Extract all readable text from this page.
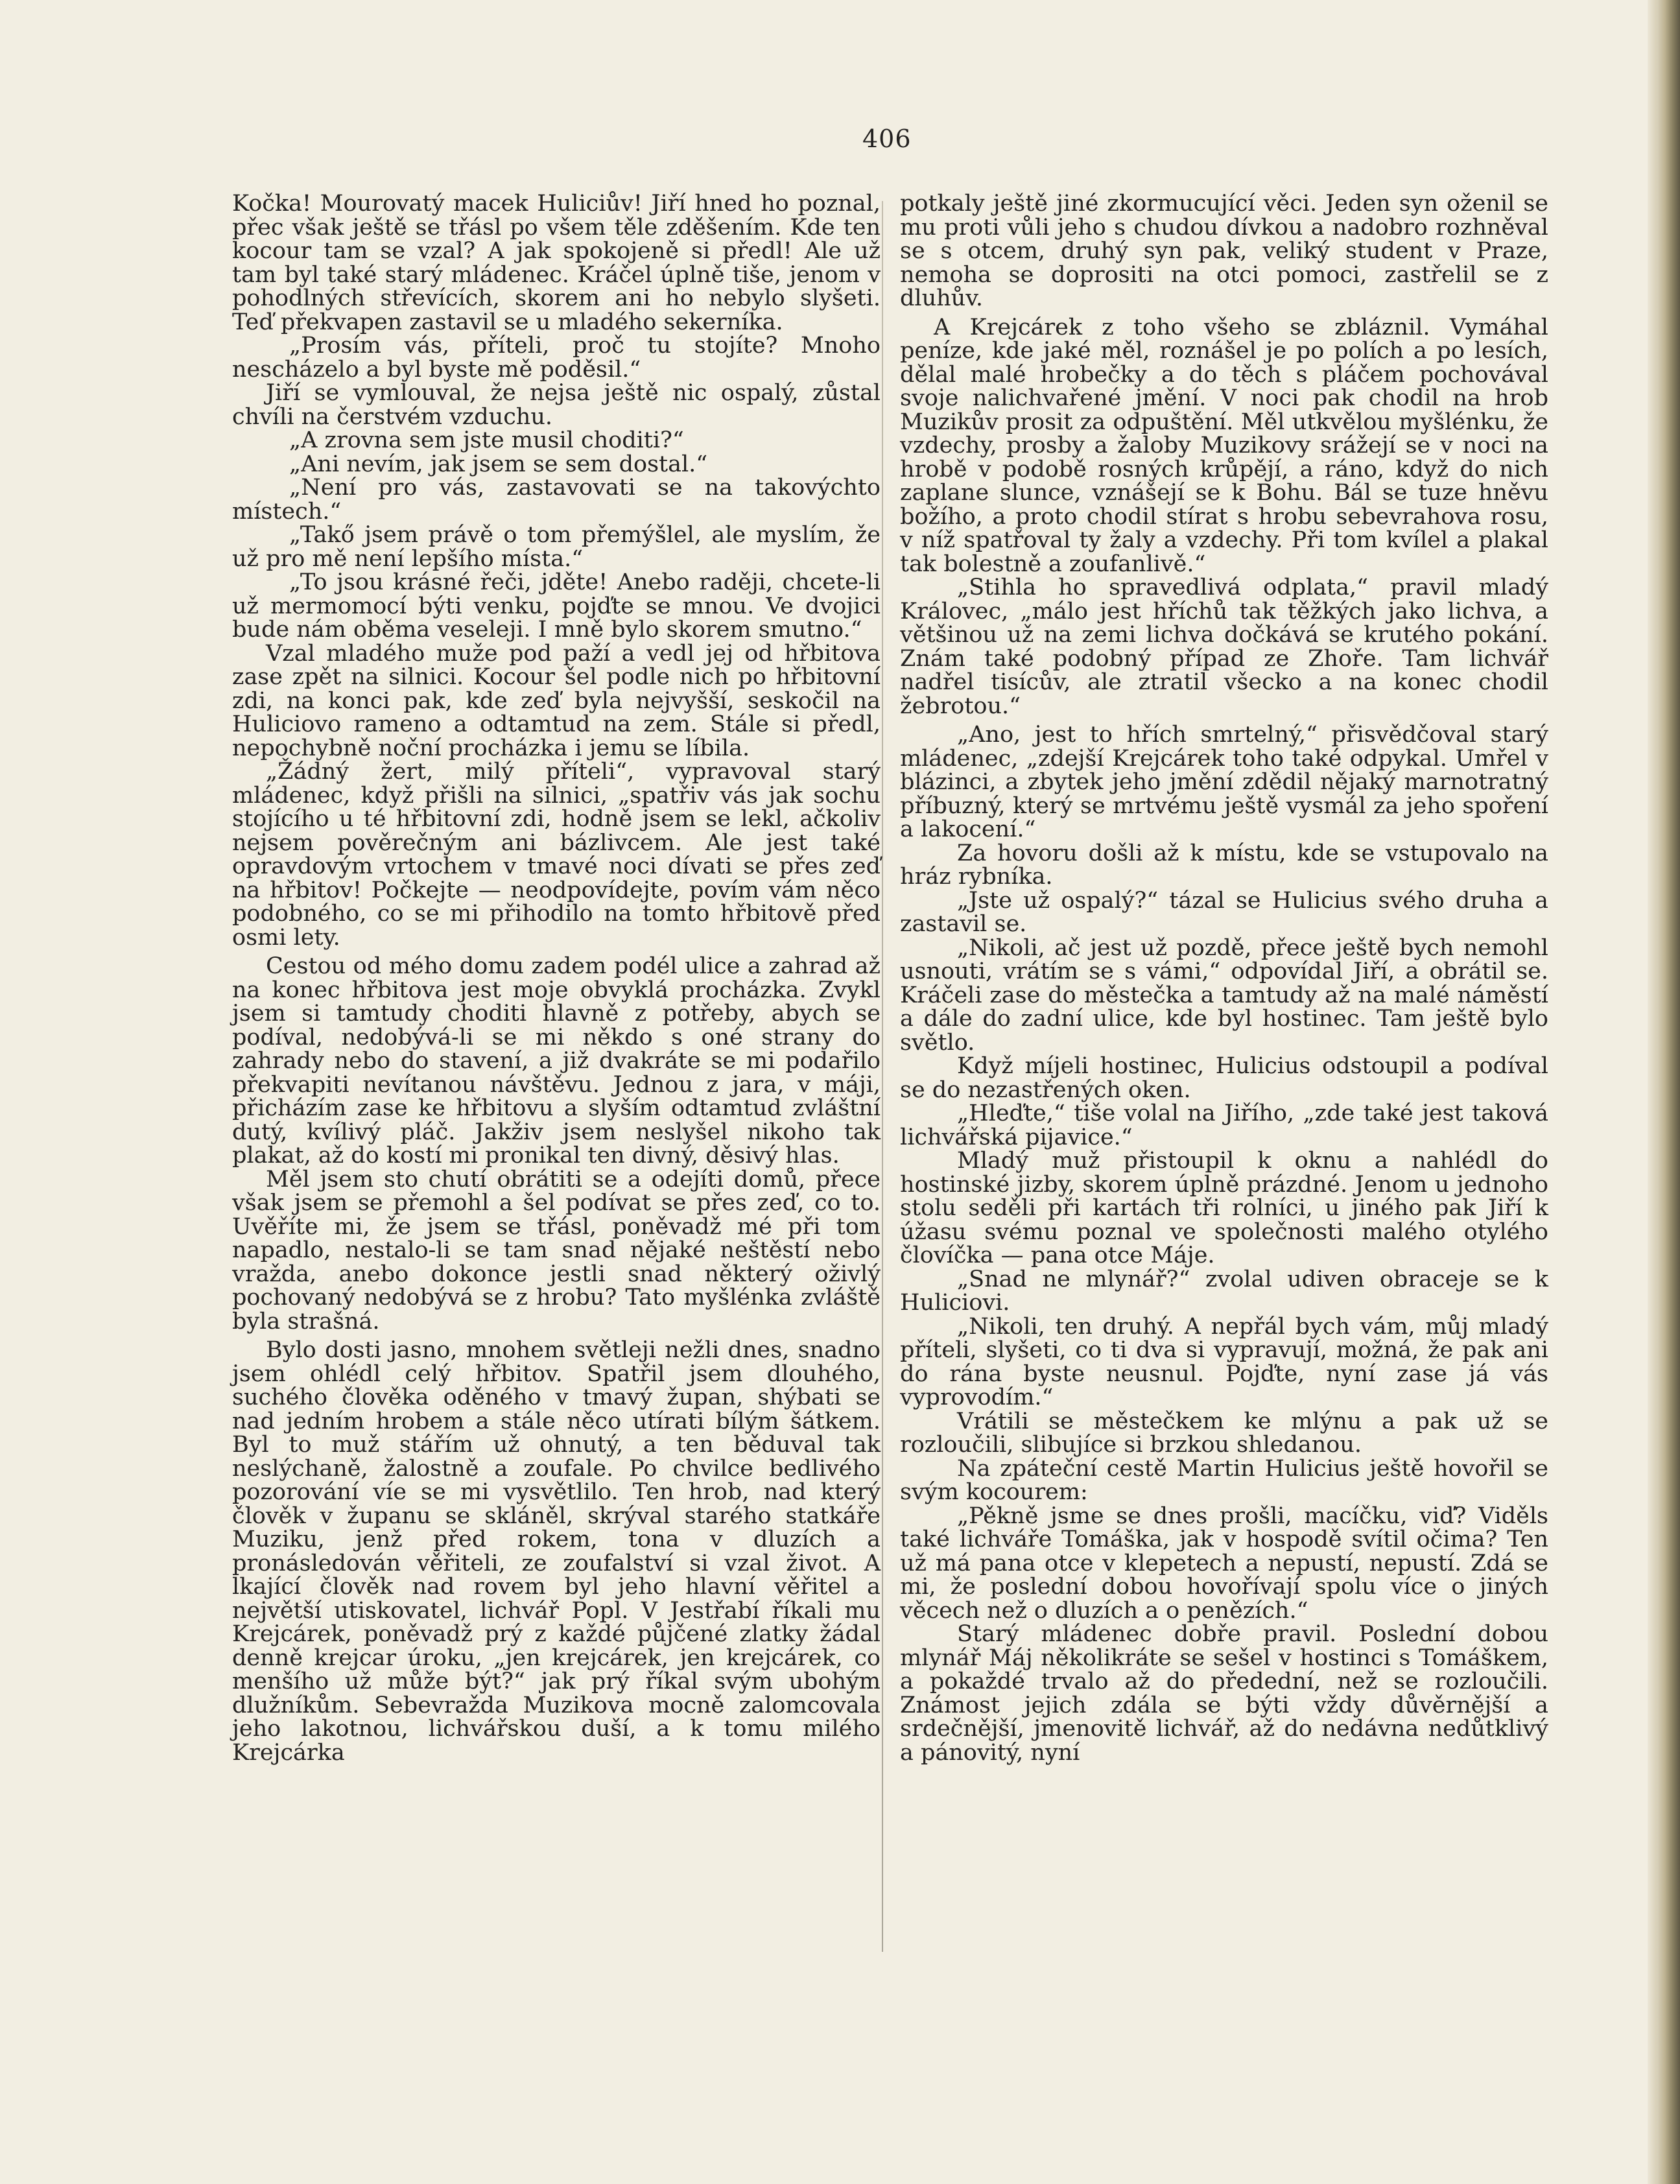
406

Kočka! Mourovatý macek Huliciův! Jiří hned ho poznal, přec však ještě se třásl po všem těle zděšením. Kde ten kocour tam se vzal? A jak spokojeně si předl! Ale už tam byl také starý mládenec. Kráčel úplně tiše, jenom v pohodlných střevících, skorem ani ho nebylo slyšeti. Teď překvapen zastavil se u mladého sekerníka.

„Prosím vás, příteli, proč tu stojíte? Mnoho nescházelo a byl byste mě poděsil.“

Jiří se vymlouval, že nejsa ještě nic ospalý, zůstal chvíli na čerstvém vzduchu.

„A zrovna sem jste musil choditi?“

„Ani nevím, jak jsem se sem dostal.“

„Není pro vás, zastavovati se na takovýchto místech.“

„Takő jsem právě o tom přemýšlel, ale myslím, že už pro mě není lepšího místa.“

„To jsou krásné řeči, jděte! Anebo raději, chcete-li už mermomocí býti venku, pojďte se mnou. Ve dvojici bude nám oběma veseleji. I mně bylo skorem smutno.“

Vzal mladého muže pod paží a vedl jej od hřbitova zase zpět na silnici. Kocour šel podle nich po hřbitovní zdi, na konci pak, kde zeď byla nejvyšší, seskočil na Huliciovo rameno a odtamtud na zem. Stále si předl, nepochybně noční procházka i jemu se líbila.

„Žádný žert, milý příteli“, vypravoval starý mládenec, když přišli na silnici, „spatřiv vás jak sochu stojícího u té hřbitovní zdi, hodně jsem se lekl, ačkoliv nejsem pověrečným ani bázlivcem. Ale jest také opravdovým vrtochem v tmavé noci dívati se přes zeď na hřbitov! Počkejte — neodpovídejte, povím vám něco podobného, co se mi přihodilo na tomto hřbitově před osmi lety.

Cestou od mého domu zadem podél ulice a zahrad až na konec hřbitova jest moje obvyklá procházka. Zvykl jsem si tamtudy choditi hlavně z potřeby, abych se podíval, nedobývá-li se mi někdo s oné strany do zahrady nebo do stavení, a již dvakráte se mi podařilo překvapiti nevítanou návštěvu. Jednou z jara, v máji, přicházím zase ke hřbitovu a slyším odtamtud zvláštní dutý, kvílivý pláč. Jakživ jsem neslyšel nikoho tak plakat, až do kostí mi pronikal ten divný, děsivý hlas.

Měl jsem sto chutí obrátiti se a odejíti domů, přece však jsem se přemohl a šel podívat se přes zeď, co to. Uvěříte mi, že jsem se třásl, poněvadž mé při tom napadlo, nestalo-li se tam snad nějaké neštěstí nebo vražda, anebo dokonce jestli snad některý oživlý pochovaný nedobývá se z hrobu? Tato myšlénka zvláště byla strašná.

Bylo dosti jasno, mnohem světleji nežli dnes, snadno jsem ohlédl celý hřbitov. Spatřil jsem dlouhého, suchého člověka oděného v tmavý župan, shýbati se nad jedním hrobem a stále něco utírati bílým šátkem. Byl to muž stářím už ohnutý, a ten běduval tak neslýchaně, žalostně a zoufale. Po chvilce bedlivého pozorování víe se mi vysvětlilo. Ten hrob, nad který člověk v županu se skláněl, skrýval starého statkáře Muziku, jenž před rokem, tona v dluzích a pronásledován věřiteli, ze zoufalství si vzal život. A lkající člověk nad rovem byl jeho hlavní věřitel a největší utiskovatel, lichvář Popl. V Jestřabí říkali mu Krejcárek, poněvadž prý z každé půjčené zlatky žádal denně krejcar úroku, „jen krejcárek, jen krejcárek, co menšího už může být?“ jak prý říkal svým ubohým dlužníkům. Sebevražda Muzikova mocně zalomcovala jeho lakotnou, lichvářskou duší, a k tomu milého Krejcárka

potkaly ještě jiné zkormucující věci. Jeden syn oženil se mu proti vůli jeho s chudou dívkou a nadobro rozhněval se s otcem, druhý syn pak, veliký student v Praze, nemoha se doprositi na otci pomoci, zastřelil se z dluhův.

A Krejcárek z toho všeho se zbláznil. Vymáhal peníze, kde jaké měl, roznášel je po polích a po lesích, dělal malé hrobečky a do těch s pláčem pochovával svoje nalichvařené jmění. V noci pak chodil na hrob Muzikův prosit za odpuštění. Měl utkvělou myšlénku, že vzdechy, prosby a žaloby Muzikovy srážejí se v noci na hrobě v podobě rosných krůpějí, a ráno, když do nich zaplane slunce, vznášejí se k Bohu. Bál se tuze hněvu božího, a proto chodil stírat s hrobu sebevrahova rosu, v níž spatřoval ty žaly a vzdechy. Při tom kvílel a plakal tak bolestně a zoufanlivě.“

„Stihla ho spravedlivá odplata,“ pravil mladý Královec, „málo jest hříchů tak těžkých jako lichva, a většinou už na zemi lichva dočkává se krutého pokání. Znám také podobný případ ze Zhoře. Tam lichvář nadřel tisícův, ale ztratil všecko a na konec chodil žebrotou.“

„Ano, jest to hřích smrtelný,“ přisvědčoval starý mládenec, „zdejší Krejcárek toho také odpykal. Umřel v blázinci, a zbytek jeho jmění zdědil nějaký marnotratný příbuzný, který se mrtvému ještě vysmál za jeho spoření a lakocení.“

Za hovoru došli až k místu, kde se vstupovalo na hráz rybníka.

„Jste už ospalý?“ tázal se Hulicius svého druha a zastavil se.

„Nikoli, ač jest už pozdě, přece ještě bych nemohl usnouti, vrátím se s vámi,“ odpovídal Jiří, a obrátil se. Kráčeli zase do městečka a tamtudy až na malé náměstí a dále do zadní ulice, kde byl hostinec. Tam ještě bylo světlo.

Když míjeli hostinec, Hulicius odstoupil a podíval se do nezastřených oken.

„Hleďte,“ tiše volal na Jiřího, „zde také jest taková lichvářská pijavice.“

Mladý muž přistoupil k oknu a nahlédl do hostinské jizby, skorem úplně prázdné. Jenom u jednoho stolu seděli při kartách tři rolníci, u jiného pak Jiří k úžasu svému poznal ve společnosti malého otylého človíčka — pana otce Máje.

„Snad ne mlynář?“ zvolal udiven obraceje se k Huliciovi.

„Nikoli, ten druhý. A nepřál bych vám, můj mladý příteli, slyšeti, co ti dva si vypravují, možná, že pak ani do rána byste neusnul. Pojďte, nyní zase já vás vyprovodím.“

Vrátili se městečkem ke mlýnu a pak už se rozloučili, slibujíce si brzkou shledanou.

Na zpáteční cestě Martin Hulicius ještě hovořil se svým kocourem:

„Pěkně jsme se dnes prošli, macíčku, viď? Viděls také lichváře Tomáška, jak v hospodě svítil očima? Ten už má pana otce v klepetech a nepustí, nepustí. Zdá se mi, že poslední dobou hovořívají spolu více o jiných věcech než o dluzích a o penězích.“

Starý mládenec dobře pravil. Poslední dobou mlynář Máj několikráte se sešel v hostinci s Tomáškem, a pokaždé trvalo až do předední, než se rozloučili. Známost jejich zdála se býti vždy důvěrnější a srdečnější, jmenovitě lichvář, až do nedávna nedůtklivý a pánovitý, nyní
